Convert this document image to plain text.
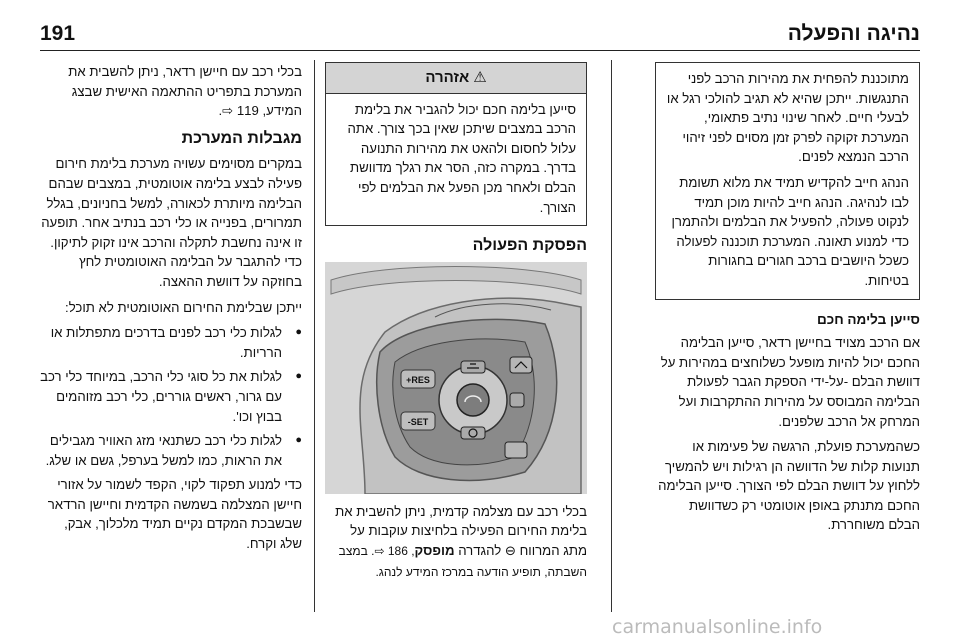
191	נהיגה והפעלה

מתוכננת להפחית את מהירות הרכב לפני התנגשות. ייתכן שהיא לא תגיב להולכי רגל או לבעלי חיים. לאחר שינוי נתיב פתאומי, המערכת זקוקה לפרק זמן מסוים לפני זיהוי הרכב הנמצא לפנים.

הנהג חייב להקדיש תמיד את מלוא תשומת לבו לנהיגה. הנהג חייב להיות מוכן תמיד לנקוט פעולה, להפעיל את הבלמים ולהתמרן כדי למנוע תאונה. המערכת תוכננה לפעולה כשכל היושבים ברכב חגורים בחגורות בטיחות.

סייען בלימה חכם

אם הרכב מצויד בחיישן רדאר, סייען הבלימה החכם יכול להיות מופעל כשלוחצים במהירות על דוושת הבלם -על-ידי הספקת הגבר לפעולת הבלימה המבוסס על מהירות ההתקרבות ועל המרחק אל הרכב שלפנים.

כשהמערכת פועלת, הרגשה של פעימות או תנועות קלות של הדוושה הן רגילות ויש להמשיך ללחוץ על דוושת הבלם לפי הצורך. סייען הבלימה החכם מתנתק באופן אוטומטי רק כשדוושת הבלם משוחררת.

⚠אזהרה
סייען בלימה חכם יכול להגביר את בלימת הרכב במצבים שיתכן שאין בכך צורך. אתה עלול לחסום ולהאט את מהירות התנועה בדרך. במקרה כזה, הסר את רגלך מדוושת הבלם ולאחר מכן הפעל את הבלמים לפי הצורך.
הפסקת הפעולה
RES+
SET-

בכלי רכב עם מצלמה קדמית, ניתן להשבית את בלימת החירום הפעילה בלחיצות עוקבות על מתג המרווח ⊖ להגדרה מופסק, 186 ⇨. במצב השבתה, תופיע הודעה במרכז המידע לנהג.

בכלי רכב עם חיישן רדאר, ניתן להשבית את המערכת בתפריט ההתאמה האישית שבצג המידע, 119 ⇨.

מגבלות המערכת

במקרים מסוימים עשויה מערכת בלימת חירום פעילה לבצע בלימה אוטומטית, במצבים שבהם הבלימה מיותרת לכאורה, למשל בחניונים, בגלל תמרורים, בפנייה או כלי רכב בנתיב אחר. תופעה זו אינה נחשבת לתקלה והרכב אינו זקוק לתיקון. כדי להתגבר על הבלימה האוטומטית לחץ בחוזקה על דוושת ההאצה.

ייתכן שבלימת החירום האוטומטית לא תוכל:

● לגלות כלי רכב לפנים בדרכים מתפתלות או הרריות.
● לגלות את כל סוגי כלי הרכב, במיוחד כלי רכב עם גרור, ראשים גוררים, כלי רכב מזוהמים בבוץ וכו'.
● לגלות כלי רכב כשתנאי מזג האוויר מגבילים את הראות, כמו למשל בערפל, גשם או שלג.

כדי למנוע תפקוד לקוי, הקפד לשמור על אזורי חיישן המצלמה בשמשה הקדמית וחיישן הרדאר שבשבכת המקדם נקיים תמיד מלכלוך, אבק, שלג וקרח.

carmanualsonline.info
